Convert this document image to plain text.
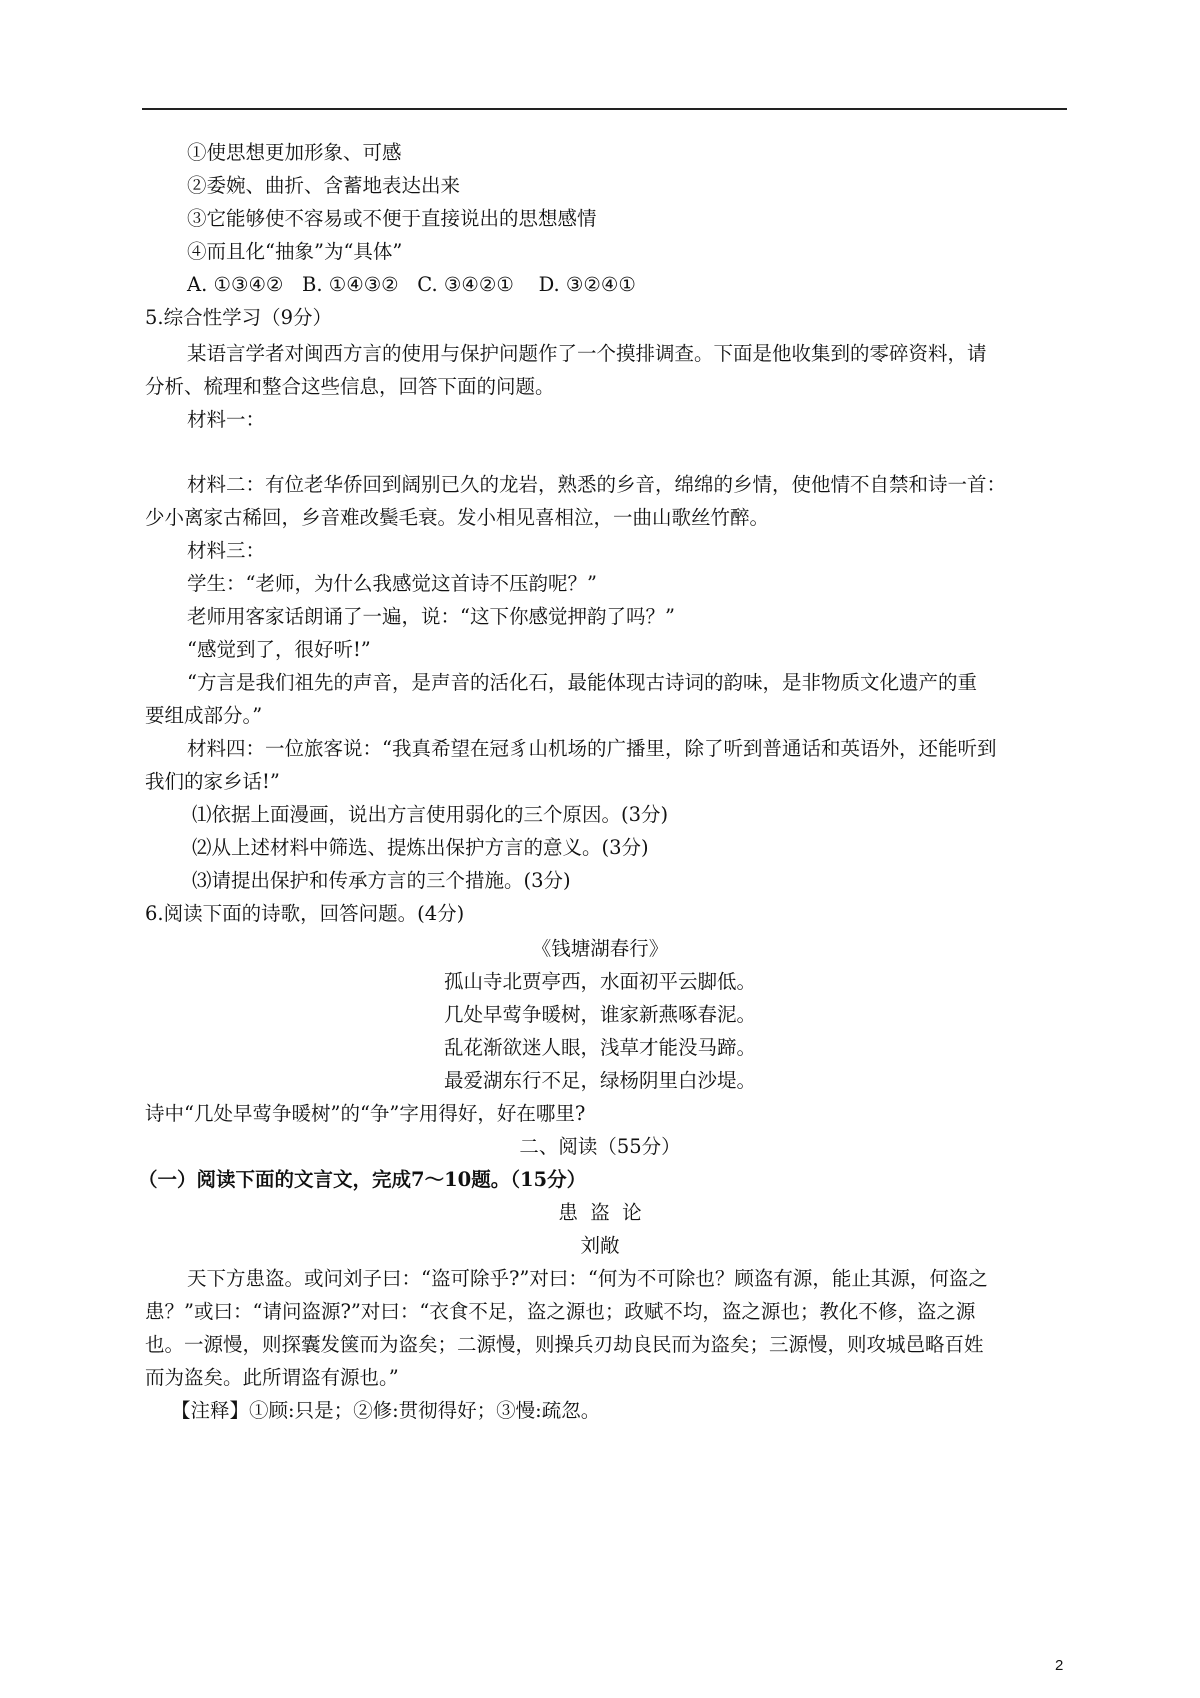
①使思想更加形象、可感
②委婉、曲折、含蓄地表达出来
③它能够使不容易或不便于直接说出的思想感情
④而且化“抽象”为“具体”
A. ①③④②   B. ①④③②   C. ③④②①    D. ③②④①
5.综合性学习（9分）
某语言学者对闽西方言的使用与保护问题作了一个摸排调查。下面是他收集到的零碎资料，请
分析、梳理和整合这些信息，回答下面的问题。
材料一：
材料二：有位老华侨回到阔别已久的龙岩，熟悉的乡音，绵绵的乡情，使他情不自禁和诗一首：
少小离家古稀回，乡音难改鬓毛衰。发小相见喜相泣，一曲山歌丝竹醉。
材料三：
学生：“老师，为什么我感觉这首诗不压韵呢？”
老师用客家话朗诵了一遍，说：“这下你感觉押韵了吗？”
“感觉到了，很好听!”
“方言是我们祖先的声音，是声音的活化石，最能体现古诗词的韵味，是非物质文化遗产的重
要组成部分。”
材料四：一位旅客说：“我真希望在冠豸山机场的广播里，除了听到普通话和英语外，还能听到
我们的家乡话!”
⑴依据上面漫画，说出方言使用弱化的三个原因。(3分)
⑵从上述材料中筛选、提炼出保护方言的意义。(3分)
⑶请提出保护和传承方言的三个措施。(3分)
6.阅读下面的诗歌，回答问题。(4分)
《钱塘湖春行》
孤山寺北贾亭西，水面初平云脚低。
几处早莺争暖树，谁家新燕啄春泥。
乱花渐欲迷人眼，浅草才能没马蹄。
最爱湖东行不足，绿杨阴里白沙堤。
诗中“几处早莺争暖树”的“争”字用得好，好在哪里?
二、阅读（55分）
（一）阅读下面的文言文，完成7～10题。（15分）
患  盗  论
刘敞
天下方患盗。或问刘子曰：“盗可除乎?”对曰：“何为不可除也？顾盗有源，能止其源，何盗之
患？”或曰：“请问盗源?”对曰：“衣食不足，盗之源也；政赋不均，盗之源也；教化不修，盗之源
也。一源慢，则探囊发箧而为盗矣；二源慢，则操兵刃劫良民而为盗矣；三源慢，则攻城邑略百姓
而为盗矣。此所谓盗有源也。”
【注释】①顾:只是；②修:贯彻得好；③慢:疏忽。
2
